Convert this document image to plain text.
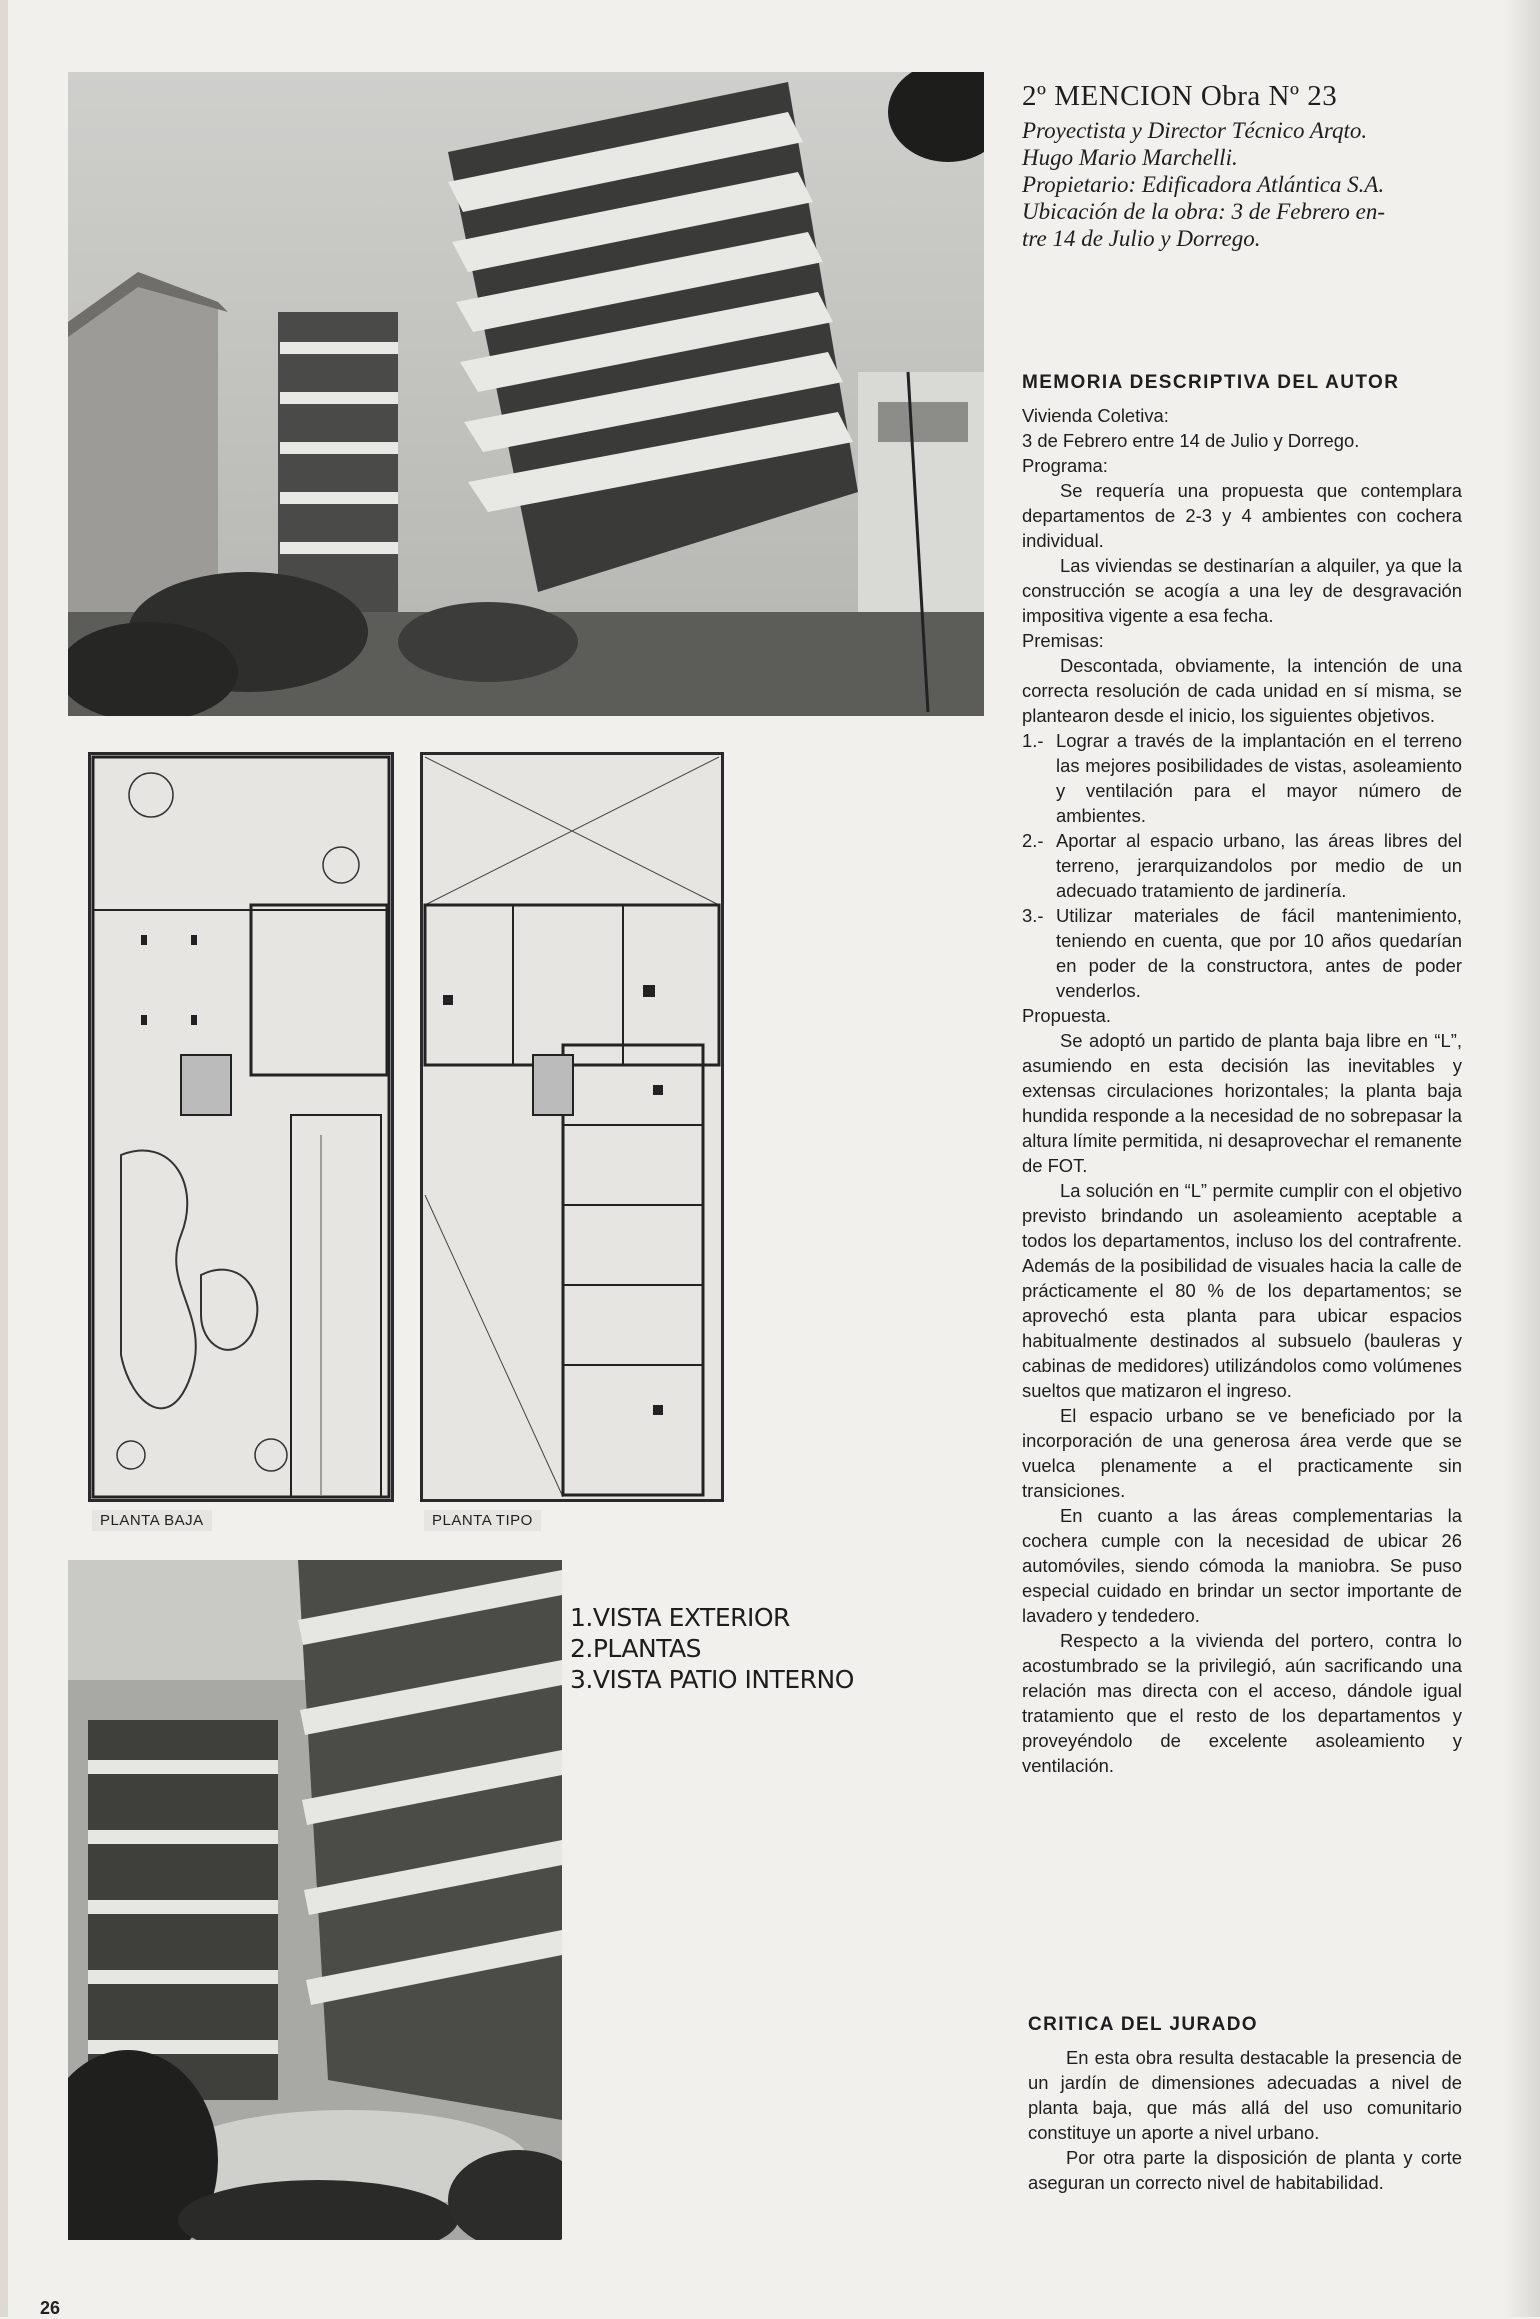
PLANTA BAJA	PLANTA TIPO
1.VISTA EXTERIOR
2.PLANTAS
3.VISTA PATIO INTERNO
2º MENCION Obra Nº 23
Proyectista y Director Técnico Arqto.
Hugo Mario Marchelli.
Propietario: Edificadora Atlántica S.A.
Ubicación de la obra: 3 de Febrero en-
tre 14 de Julio y Dorrego.
MEMORIA DESCRIPTIVA DEL AUTOR

Vivienda Coletiva:

3 de Febrero entre 14 de Julio y Dorrego.

Programa:

Se requería una propuesta que contemplara departamentos de 2-3 y 4 ambientes con cochera individual.

Las viviendas se destinarían a alquiler, ya que la construcción se acogía a una ley de desgravación impositiva vigente a esa fecha.

Premisas:

Descontada, obviamente, la intención de una correcta resolución de cada unidad en sí misma, se plantearon desde el inicio, los siguientes objetivos.

1.- Lograr a través de la implantación en el terreno las mejores posibilidades de vistas, asoleamiento y ventilación para el mayor número de ambientes.
2.- Aportar al espacio urbano, las áreas libres del terreno, jerarquizandolos por medio de un adecuado tratamiento de jardinería.
3.- Utilizar materiales de fácil mantenimiento, teniendo en cuenta, que por 10 años quedarían en poder de la constructora, antes de poder venderlos.

Propuesta.

Se adoptó un partido de planta baja libre en “L”, asumiendo en esta decisión las inevitables y extensas circulaciones horizontales; la planta baja hundida responde a la necesidad de no sobrepasar la altura límite permitida, ni desaprovechar el remanente de FOT.

La solución en “L” permite cumplir con el objetivo previsto brindando un asoleamiento aceptable a todos los departamentos, incluso los del contrafrente. Además de la posibilidad de visuales hacia la calle de prácticamente el 80 % de los departamentos; se aprovechó esta planta para ubicar espacios habitualmente destinados al subsuelo (bauleras y cabinas de medidores) utilizándolos como volúmenes sueltos que matizaron el ingreso.

El espacio urbano se ve beneficiado por la incorporación de una generosa área verde que se vuelca plenamente a el practicamente sin transiciones.

En cuanto a las áreas complementarias la cochera cumple con la necesidad de ubicar 26 automóviles, siendo cómoda la maniobra. Se puso especial cuidado en brindar un sector importante de lavadero y tendedero.

Respecto a la vivienda del portero, contra lo acostumbrado se la privilegió, aún sacrificando una relación mas directa con el acceso, dándole igual tratamiento que el resto de los departamentos y proveyéndolo de excelente asoleamiento y ventilación.

CRITICA DEL JURADO

En esta obra resulta destacable la presencia de un jardín de dimensiones adecuadas a nivel de planta baja, que más allá del uso comunitario constituye un aporte a nivel urbano.

Por otra parte la disposición de planta y corte aseguran un correcto nivel de habitabilidad.

26
